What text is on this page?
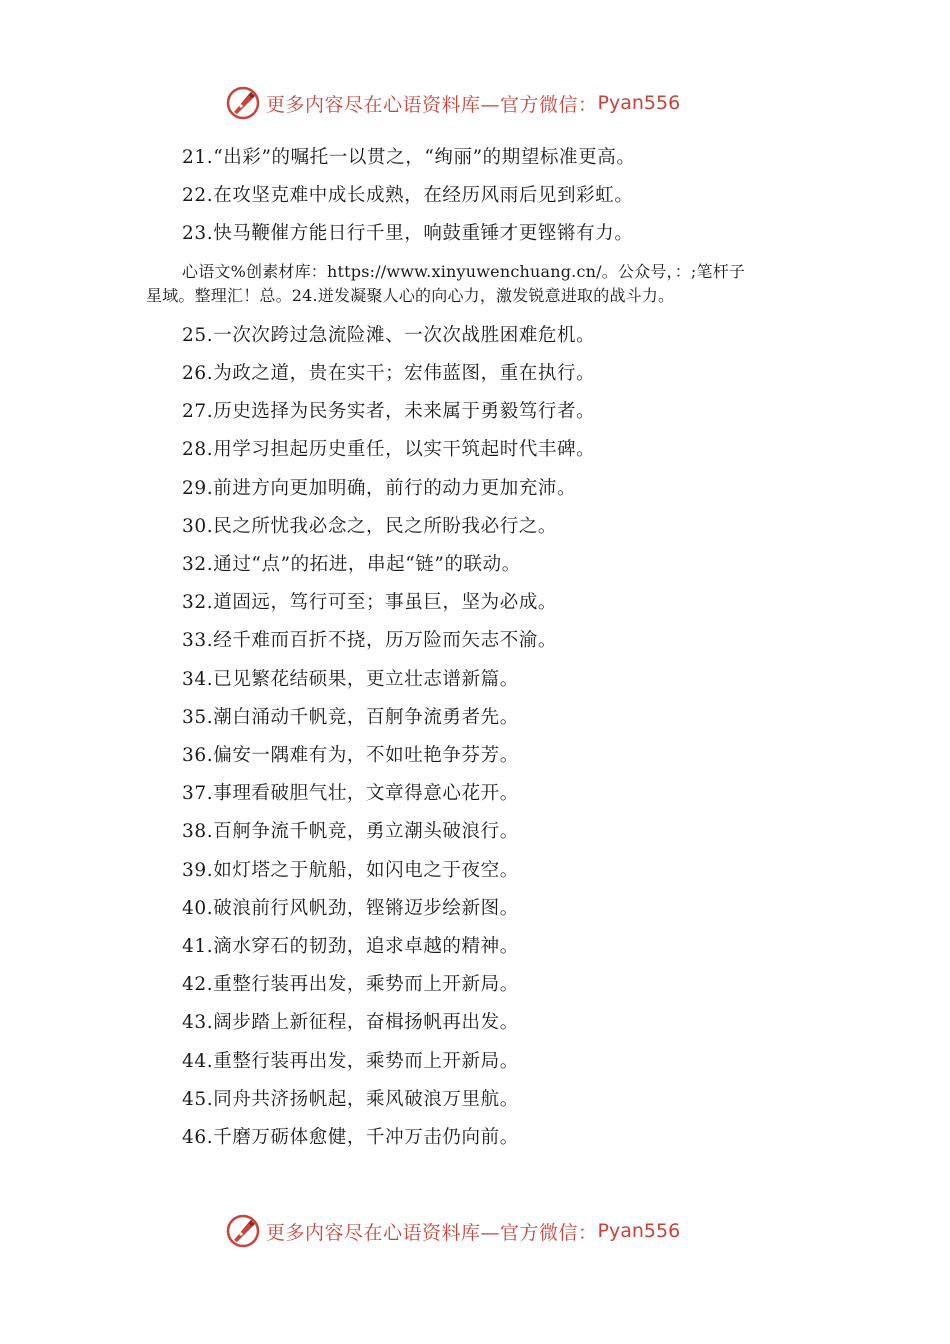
更多内容尽在心语资料库—官方微信： Pyan556
21.“出彩”的嘱托一以贯之，“绚丽”的期望标准更高。
22.在攻坚克难中成长成熟，在经历风雨后见到彩虹。
23.快马鞭催方能日行千里，响鼓重锤才更铿锵有力。
心语文%创素材库：https://www.xinyuwenchuang.cn/。公众号，：;笔杆子
星域。整理汇！总。24.迸发凝聚人心的向心力，激发锐意进取的战斗力。
25.一次次跨过急流险滩、一次次战胜困难危机。
26.为政之道，贵在实干；宏伟蓝图，重在执行。
27.历史选择为民务实者，未来属于勇毅笃行者。
28.用学习担起历史重任，以实干筑起时代丰碑。
29.前进方向更加明确，前行的动力更加充沛。
30.民之所忧我必念之，民之所盼我必行之。
32.通过“点”的拓进，串起“链”的联动。
32.道固远，笃行可至；事虽巨，坚为必成。
33.经千难而百折不挠，历万险而矢志不渝。
34.已见繁花结硕果，更立壮志谱新篇。
35.潮白涌动千帆竞，百舸争流勇者先。
36.偏安一隅难有为，不如吐艳争芬芳。
37.事理看破胆气壮，文章得意心花开。
38.百舸争流千帆竞，勇立潮头破浪行。
39.如灯塔之于航船，如闪电之于夜空。
40.破浪前行风帆劲，铿锵迈步绘新图。
41.滴水穿石的韧劲，追求卓越的精神。
42.重整行装再出发，乘势而上开新局。
43.阔步踏上新征程，奋楫扬帆再出发。
44.重整行装再出发，乘势而上开新局。
45.同舟共济扬帆起，乘风破浪万里航。
46.千磨万砺体愈健，千冲万击仍向前。
更多内容尽在心语资料库—官方微信： Pyan556
